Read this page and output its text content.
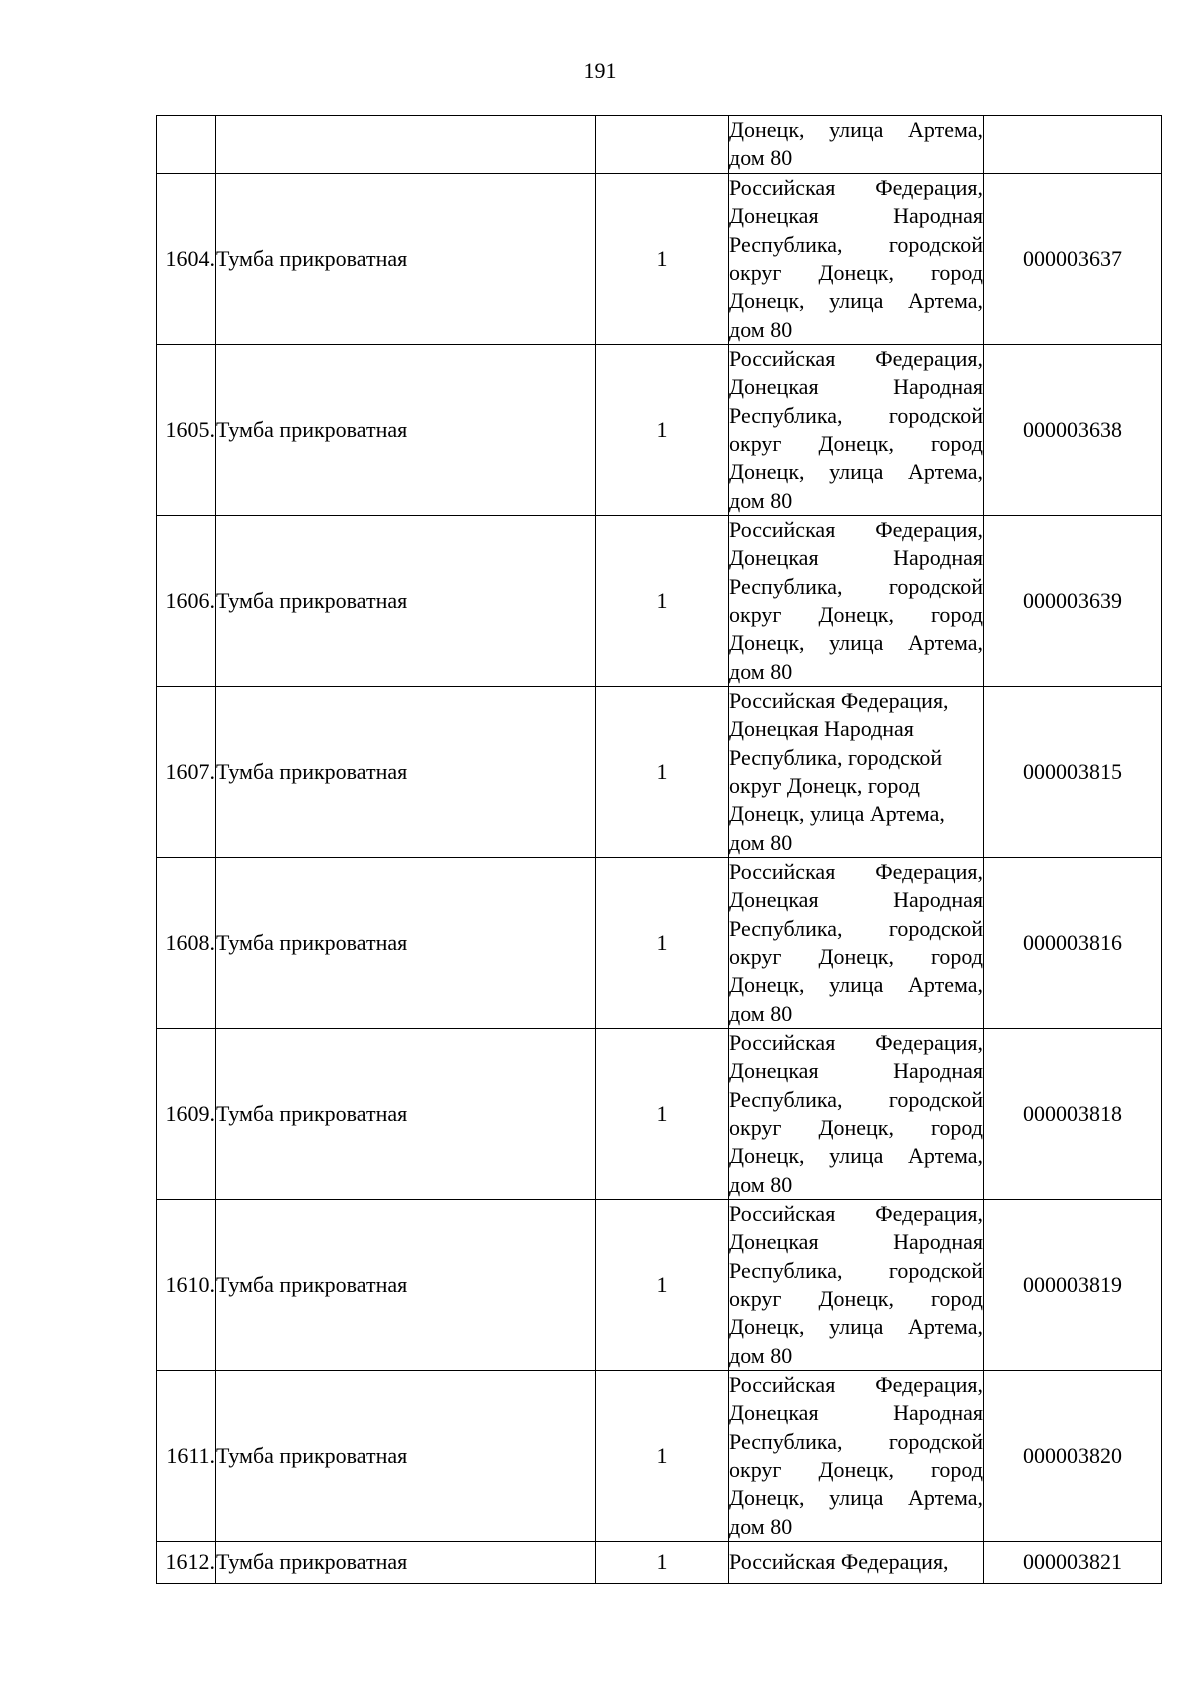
191

			Донецк, улица Артема, дом 80	

1604.	Тумба прикроватная	1	Российская Федерация, Донецкая Народная Республика, городской округ Донецк, город Донецк, улица Артема, дом 80	000003637
1605.	Тумба прикроватная	1	Российская Федерация, Донецкая Народная Республика, городской округ Донецк, город Донецк, улица Артема, дом 80	000003638
1606.	Тумба прикроватная	1	Российская Федерация, Донецкая Народная Республика, городской округ Донецк, город Донецк, улица Артема, дом 80	000003639
1607.	Тумба прикроватная	1	Российская Федерация, Донецкая Народная Республика, городской округ Донецк, город Донецк, улица Артема, дом 80	000003815
1608.	Тумба прикроватная	1	Российская Федерация, Донецкая Народная Республика, городской округ Донецк, город Донецк, улица Артема, дом 80	000003816
1609.	Тумба прикроватная	1	Российская Федерация, Донецкая Народная Республика, городской округ Донецк, город Донецк, улица Артема, дом 80	000003818
1610.	Тумба прикроватная	1	Российская Федерация, Донецкая Народная Республика, городской округ Донецк, город Донецк, улица Артема, дом 80	000003819
1611.	Тумба прикроватная	1	Российская Федерация, Донецкая Народная Республика, городской округ Донецк, город Донецк, улица Артема, дом 80	000003820
1612.	Тумба прикроватная	1	Российская Федерация,	000003821
